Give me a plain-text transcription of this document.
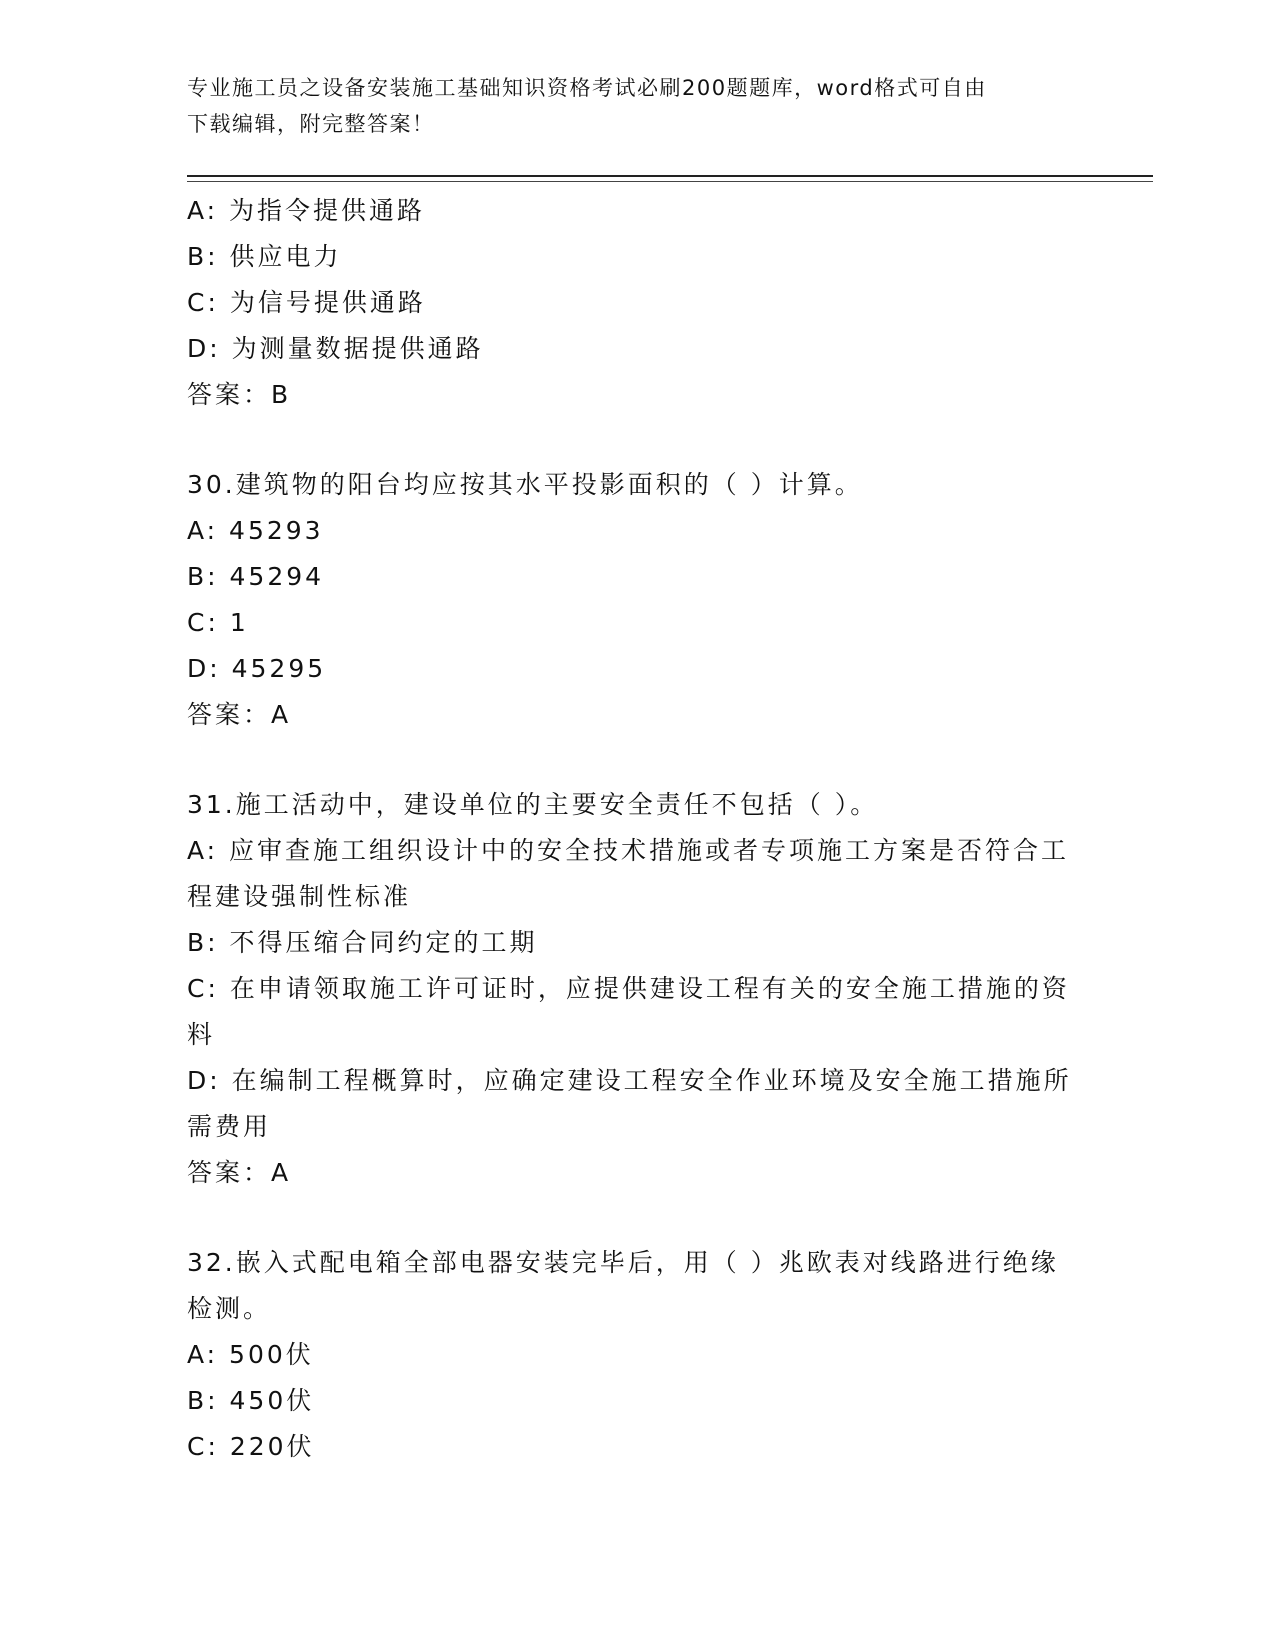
专业施工员之设备安装施工基础知识资格考试必刷200题题库，word格式可自由
下载编辑，附完整答案！
A: 为指令提供通路
B: 供应电力
C: 为信号提供通路
D: 为测量数据提供通路
答案：B
30.建筑物的阳台均应按其水平投影面积的（ ）计算。
A: 45293
B: 45294
C: 1
D: 45295
答案：A
31.施工活动中，建设单位的主要安全责任不包括（ ）。
A: 应审查施工组织设计中的安全技术措施或者专项施工方案是否符合工程建设强制性标准
B: 不得压缩合同约定的工期
C: 在申请领取施工许可证时，应提供建设工程有关的安全施工措施的资料
D: 在编制工程概算时，应确定建设工程安全作业环境及安全施工措施所需费用
答案：A
32.嵌入式配电箱全部电器安装完毕后，用（ ）兆欧表对线路进行绝缘检测。
A: 500伏
B: 450伏
C: 220伏
